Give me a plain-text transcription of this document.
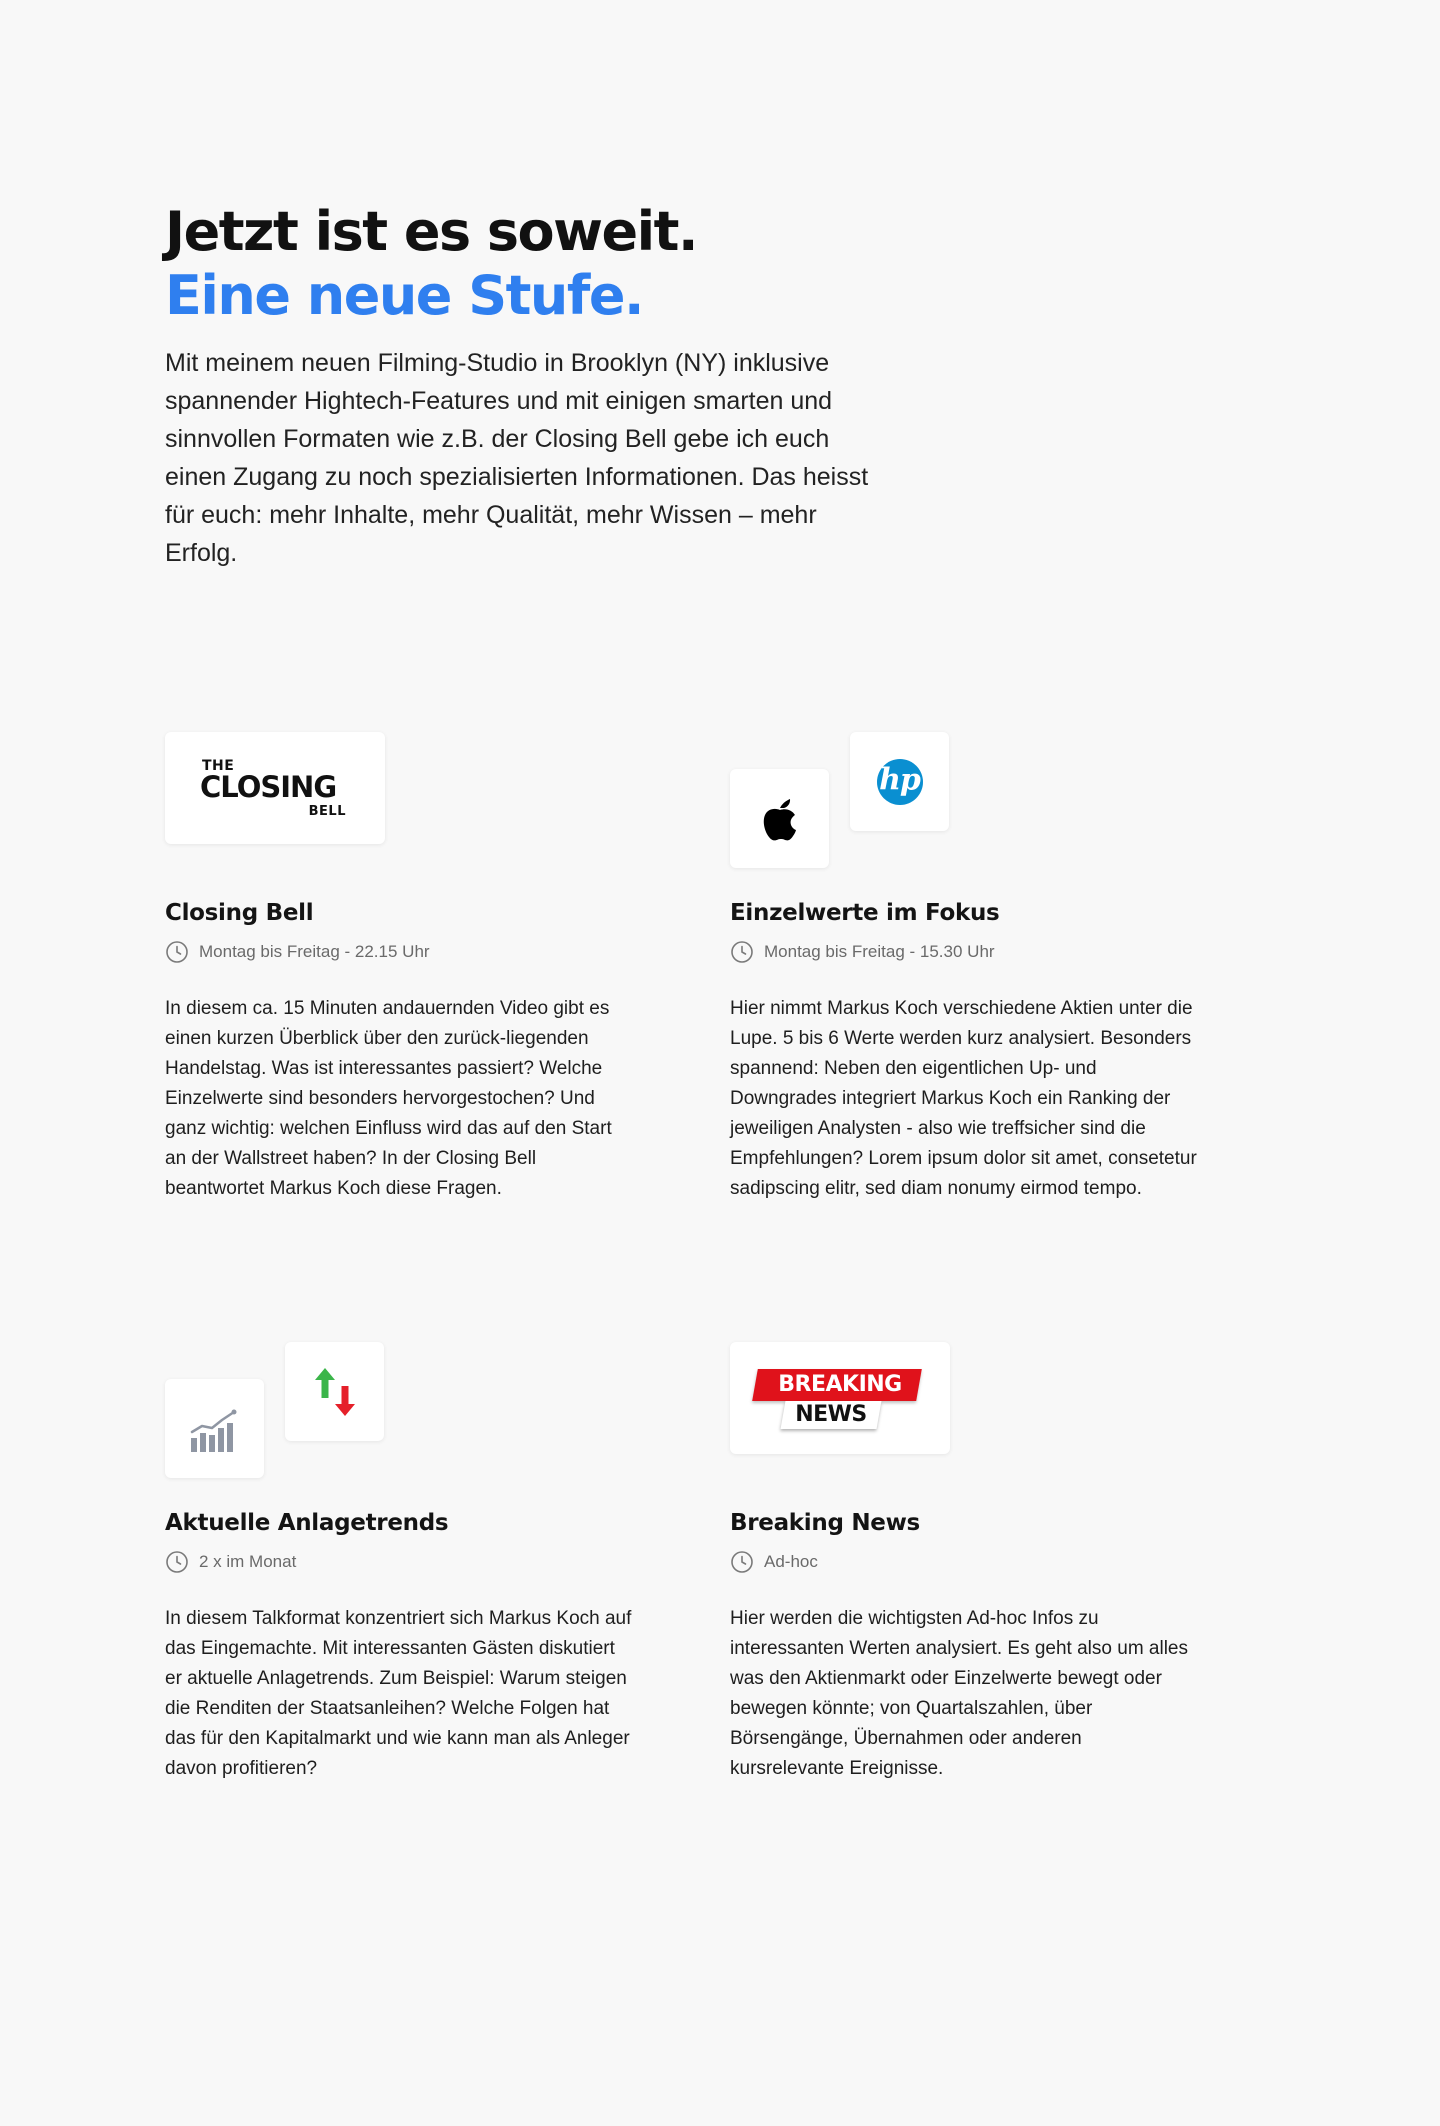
Jetzt ist es soweit.
Eine neue Stufe.

Mit meinem neuen Filming-Studio in Brooklyn (NY) inklusive spannender Hightech-Features und mit einigen smarten und sinnvollen Formaten wie z.B. der Closing Bell gebe ich euch einen Zugang zu noch spezialisierten Informationen. Das heisst für euch: mehr Inhalte, mehr Qualität, mehr Wissen – mehr Erfolg.

THE
CLOSING
BELL
Closing Bell
Montag bis Freitag - 22.15 Uhr

In diesem ca. 15 Minuten andauernden Video gibt es einen kurzen Überblick über den zurück-liegenden Handelstag. Was ist interessantes passiert? Welche Einzelwerte sind besonders hervorgestochen? Und ganz wichtig: welchen Einfluss wird das auf den Start an der Wallstreet haben? In der Closing Bell beantwortet Markus Koch diese Fragen.

hp
Einzelwerte im Fokus
Montag bis Freitag - 15.30 Uhr

Hier nimmt Markus Koch verschiedene Aktien unter die Lupe. 5 bis 6 Werte werden kurz analysiert. Besonders spannend: Neben den eigentlichen Up- und Downgrades integriert Markus Koch ein Ranking der jeweiligen Analysten - also wie treffsicher sind die Empfehlungen? Lorem ipsum dolor sit amet, consetetur sadipscing elitr, sed diam nonumy eirmod tempo.

Aktuelle Anlagetrends
2 x im Monat

In diesem Talkformat konzentriert sich Markus Koch auf das Eingemachte. Mit interessanten Gästen diskutiert er aktuelle Anlagetrends. Zum Beispiel: Warum steigen die Renditen der Staatsanleihen? Welche Folgen hat das für den Kapitalmarkt und wie kann man als Anleger davon profitieren?

BREAKING
NEWS
Breaking News
Ad-hoc

Hier werden die wichtigsten Ad-hoc Infos zu interessanten Werten analysiert. Es geht also um alles was den Aktienmarkt oder Einzelwerte bewegt oder bewegen könnte; von Quartalszahlen, über Börsengänge, Übernahmen oder anderen kursrelevante Ereignisse.
